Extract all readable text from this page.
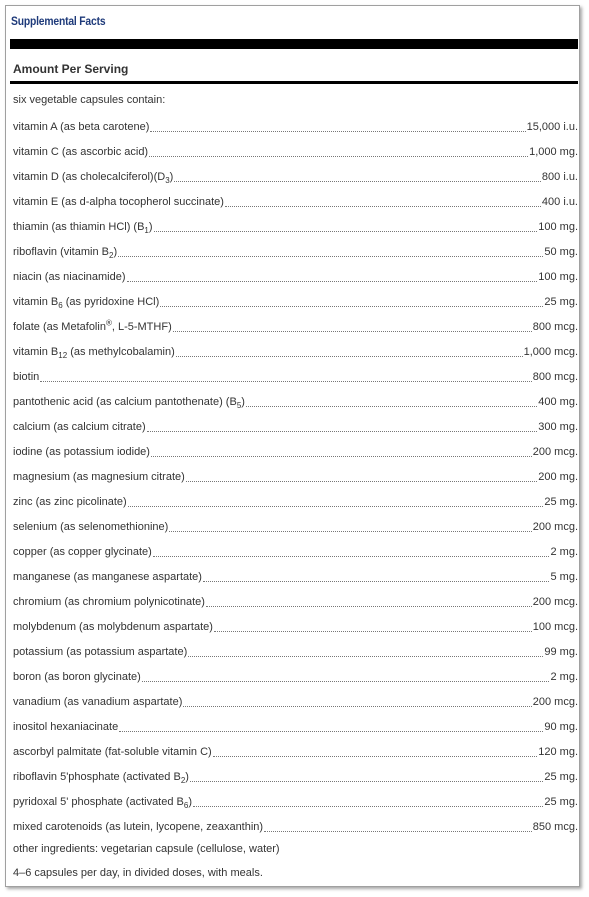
Supplemental Facts
Amount Per Serving
six vegetable capsules contain:
vitamin A (as beta carotene)	15,000 i.u.
vitamin C (as ascorbic acid)	1,000 mg.
vitamin D (as $cholecalciferol)(D_3)$	800 i.u.
vitamin E (as d-alpha tocopherol succinate)	400 i.u.
thiamin (as thiamin HCl) $(B_1)$	100 mg.
riboflavin (vitamin $B_2$)	50 mg.
niacin (as niacinamide)	100 mg.
vitamin $B_6$ (as pyridoxine HCl)	25 mg.
folate (as Metafolin®, L-5-MTHF)	800 mcg.
vitamin $B_{12}$ (as methylcobalamin)	1,000 mcg.
biotin	800 mcg.
pantothenic acid (as calcium pantothenate) $(B_5)$	400 mg.
calcium (as calcium citrate)	300 mg.
iodine (as potassium iodide)	200 mcg.
magnesium (as magnesium citrate)	200 mg.
zinc (as zinc picolinate)	25 mg.
selenium (as selenomethionine)	200 mcg.
copper (as copper glycinate)	2 mg.
manganese (as manganese aspartate)	5 mg.
chromium (as chromium polynicotinate)	200 mcg.
molybdenum (as molybdenum aspartate)	100 mcg.
potassium (as potassium aspartate)	99 mg.
boron (as boron glycinate)	2 mg.
vanadium (as vanadium aspartate)	200 mcg.
inositol hexaniacinate	90 mg.
ascorbyl palmitate (fat-soluble vitamin C)	120 mg.
riboflavin 5'phosphate (activated $B_2$)	25 mg.
pyridoxal 5' phosphate (activated $B_6$)	25 mg.
mixed carotenoids (as lutein, lycopene, zeaxanthin)	850 mcg.
other ingredients: vegetarian capsule (cellulose, water)
4–6 capsules per day, in divided doses, with meals.
